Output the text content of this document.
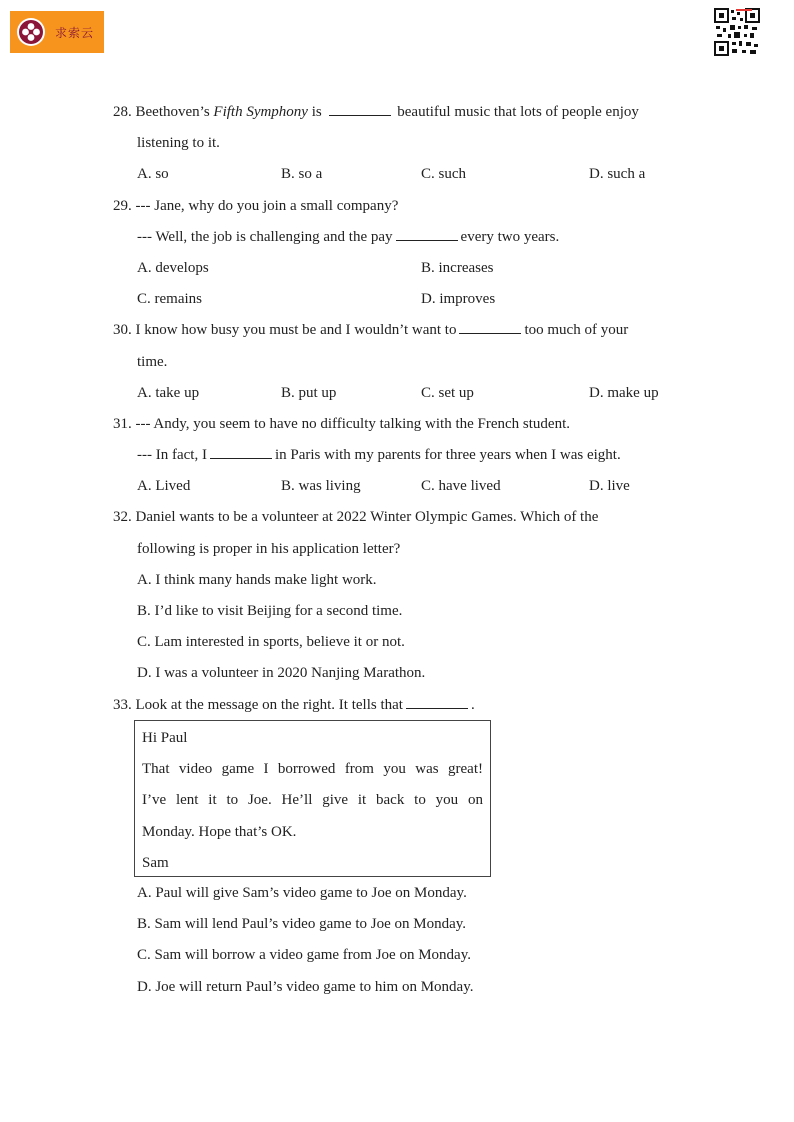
求索云
28. Beethoven’s Fifth Symphony is	beautiful music that lots of people enjoy
listening to it.
A. so	B. so a	C. such	D. such a
29. --- Jane, why do you join a small company?
--- Well, the job is challenging and the pay	every two years.
A. develops	B. increases
C. remains	D. improves
30. I know how busy you must be and I wouldn’t want to	too much of your
time.
A. take up	B. put up	C. set up	D. make up
31. --- Andy, you seem to have no difficulty talking with the French student.
--- In fact, I	in Paris with my parents for three years when I was eight.
A. Lived	B. was living	C. have lived	D. live
32. Daniel wants to be a volunteer at 2022 Winter Olympic Games. Which of the
following is proper in his application letter?
A. I think many hands make light work.
B. I’d like to visit Beijing for a second time.
C. Lam interested in sports, believe it or not.
D. I was a volunteer in 2020 Nanjing Marathon.
33. Look at the message on the right. It tells that	.
Hi Paul
That video game I borrowed from you was great!
I’ve lent it to Joe. He’ll give it back to you on
Monday. Hope that’s OK.
Sam
A. Paul will give Sam’s video game to Joe on Monday.
B. Sam will lend Paul’s video game to Joe on Monday.
C. Sam will borrow a video game from Joe on Monday.
D. Joe will return Paul’s video game to him on Monday.
